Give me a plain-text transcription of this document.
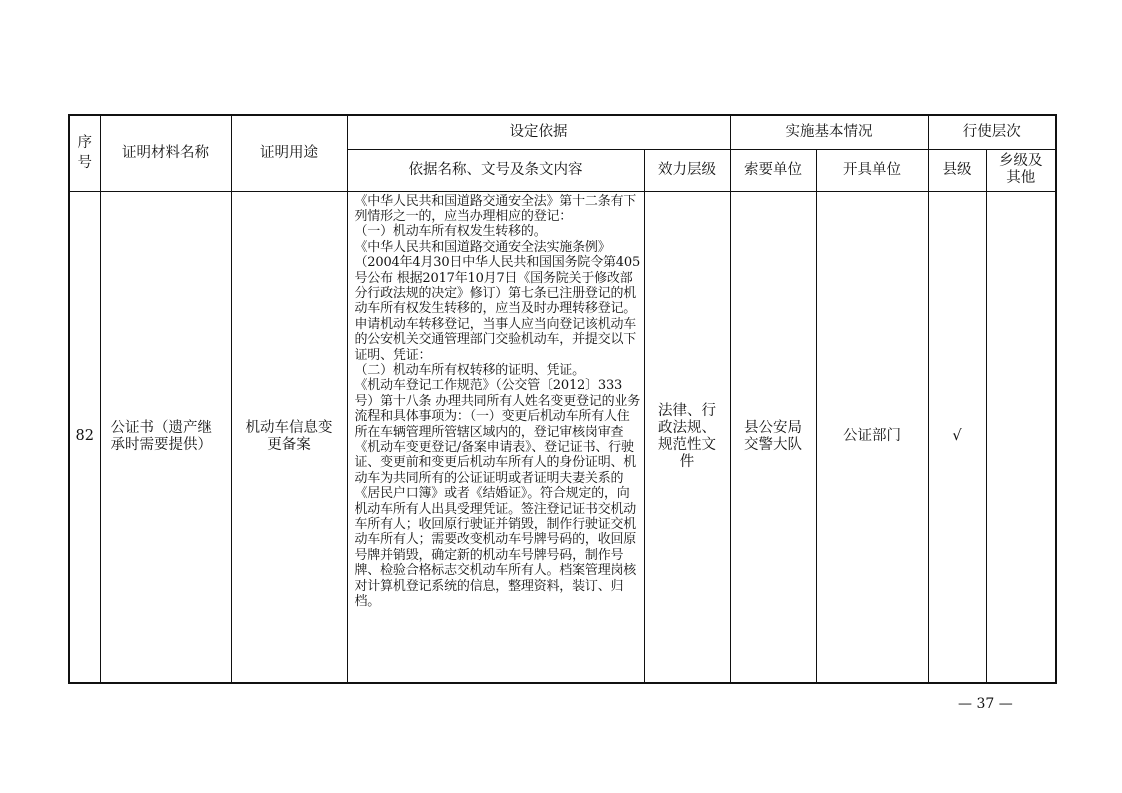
序号	证明材料名称	证明用途	设定依据		实施基本情况		行使层次	
			依据名称、文号及条文内容	效力层级	索要单位	开具单位	县级	乡级及其他

82	公证书（遗产继承时需要提供）	机动车信息变更备案	《中华人民共和国道路交通安全法》第十二条有下列情形之一的，应当办理相应的登记：
（一）机动车所有权发生转移的。
《中华人民共和国道路交通安全法实施条例》（2004年4月30日中华人民共和国国务院令第405号公布 根据2017年10月7日《国务院关于修改部分行政法规的决定》修订）第七条已注册登记的机动车所有权发生转移的，应当及时办理转移登记。申请机动车转移登记，当事人应当向登记该机动车的公安机关交通管理部门交验机动车，并提交以下证明、凭证：
（二）机动车所有权转移的证明、凭证。
《机动车登记工作规范》（公交管〔2012〕333号）第十八条 办理共同所有人姓名变更登记的业务流程和具体事项为：（一）变更后机动车所有人住所在车辆管理所管辖区域内的，登记审核岗审查《机动车变更登记/备案申请表》、登记证书、行驶证、变更前和变更后机动车所有人的身份证明、机动车为共同所有的公证证明或者证明夫妻关系的《居民户口簿》或者《结婚证》。符合规定的，向机动车所有人出具受理凭证。签注登记证书交机动车所有人；收回原行驶证并销毁，制作行驶证交机动车所有人；需要改变机动车号牌号码的，收回原号牌并销毁，确定新的机动车号牌号码，制作号牌、检验合格标志交机动车所有人。档案管理岗核对计算机登记系统的信息，整理资料，装订、归档。	法律、行政法规、规范性文件	县公安局交警大队	公证部门	√	
— 37 —
